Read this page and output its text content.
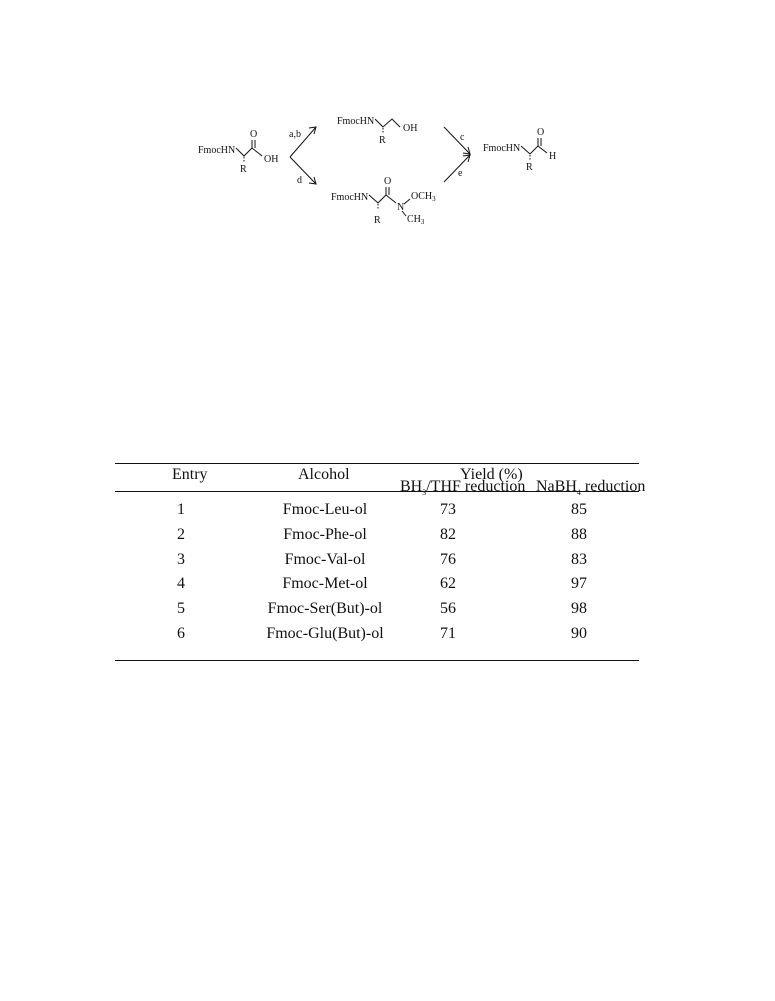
FmocHN
O
OH
R
a,b
d
FmocHN
OH
R
FmocHN
O
N
$OCH_3$
$CH_3$
R
c
e
FmocHN
O
H
R
Entry	Alcohol	Yield (%)
$BH_3$/THF reduction NaBH$_4$ reduction
1	Fmoc-Leu-ol	73	85
2	Fmoc-Phe-ol	82	88
3	Fmoc-Val-ol	76	83
4	Fmoc-Met-ol	62	97
5	Fmoc-Ser(But)-ol	56	98
6	Fmoc-Glu(But)-ol	71	90
